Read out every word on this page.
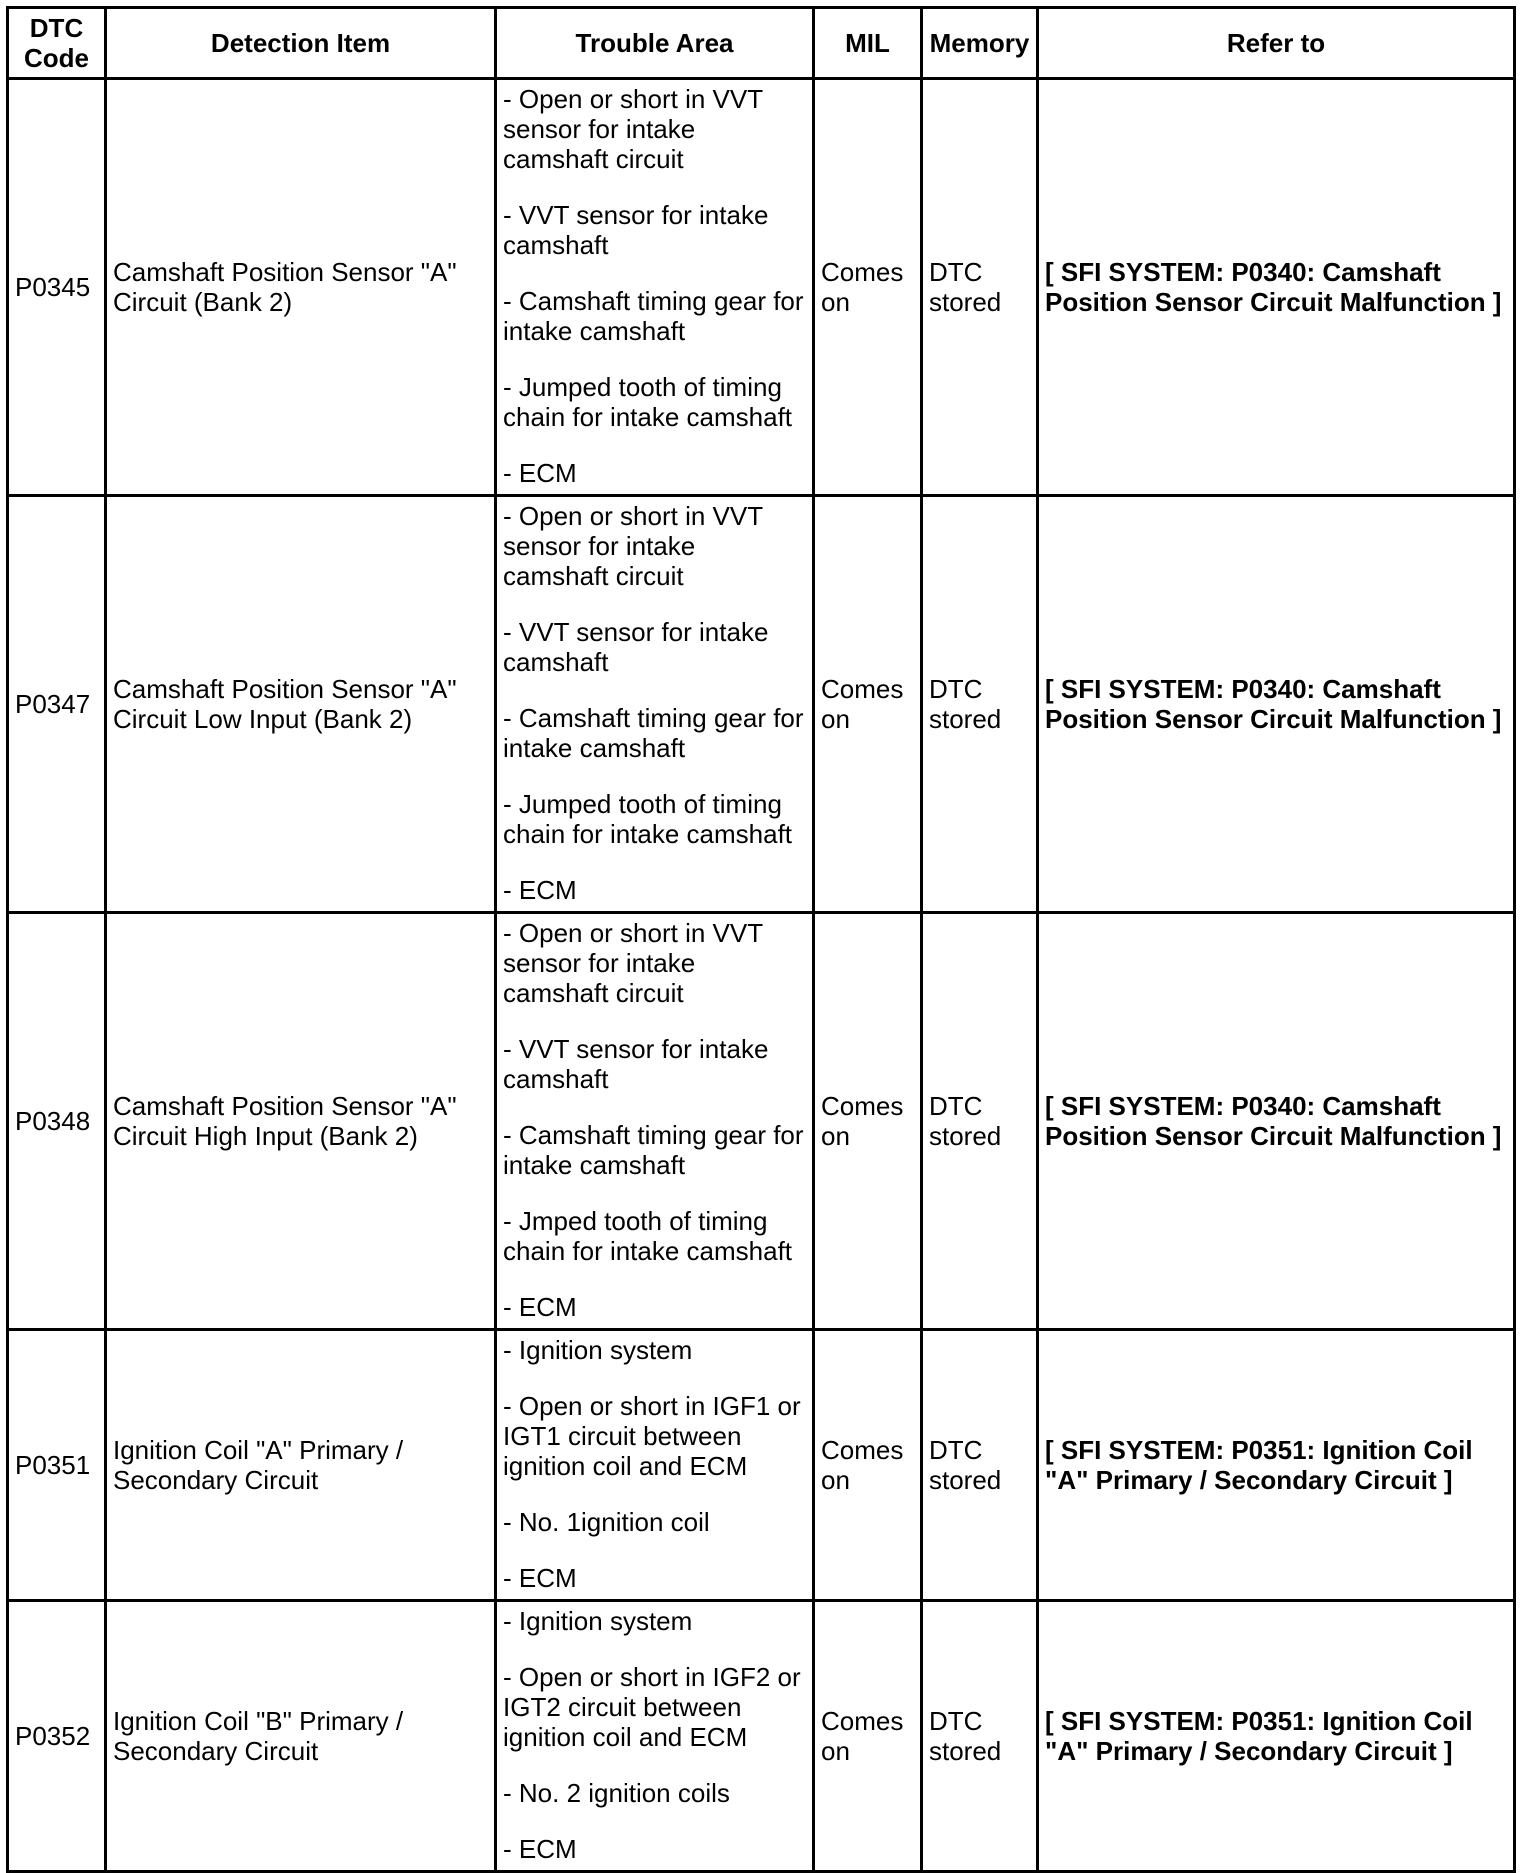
DTC Code	Detection Item	Trouble Area	MIL	Memory	Refer to
P0345	Camshaft Position Sensor "A" Circuit (Bank 2)	- Open or short in VVT sensor for intake camshaft circuit
- VVT sensor for intake camshaft
- Camshaft timing gear for intake camshaft
- Jumped tooth of timing chain for intake camshaft
- ECM	Comes on	DTC stored	[ SFI SYSTEM: P0340: Camshaft Position Sensor Circuit Malfunction ]
P0347	Camshaft Position Sensor "A" Circuit Low Input (Bank 2)	- Open or short in VVT sensor for intake camshaft circuit
- VVT sensor for intake camshaft
- Camshaft timing gear for intake camshaft
- Jumped tooth of timing chain for intake camshaft
- ECM	Comes on	DTC stored	[ SFI SYSTEM: P0340: Camshaft Position Sensor Circuit Malfunction ]
P0348	Camshaft Position Sensor "A" Circuit High Input (Bank 2)	- Open or short in VVT sensor for intake camshaft circuit
- VVT sensor for intake camshaft
- Camshaft timing gear for intake camshaft
- Jmped tooth of timing chain for intake camshaft
- ECM	Comes on	DTC stored	[ SFI SYSTEM: P0340: Camshaft Position Sensor Circuit Malfunction ]
P0351	Ignition Coil "A" Primary / Secondary Circuit	- Ignition system
- Open or short in IGF1 or IGT1 circuit between ignition coil and ECM
- No. 1ignition coil
- ECM	Comes on	DTC stored	[ SFI SYSTEM: P0351: Ignition Coil "A" Primary / Secondary Circuit ]
P0352	Ignition Coil "B" Primary / Secondary Circuit	- Ignition system
- Open or short in IGF2 or IGT2 circuit between ignition coil and ECM
- No. 2 ignition coils
- ECM	Comes on	DTC stored	[ SFI SYSTEM: P0351: Ignition Coil "A" Primary / Secondary Circuit ]
